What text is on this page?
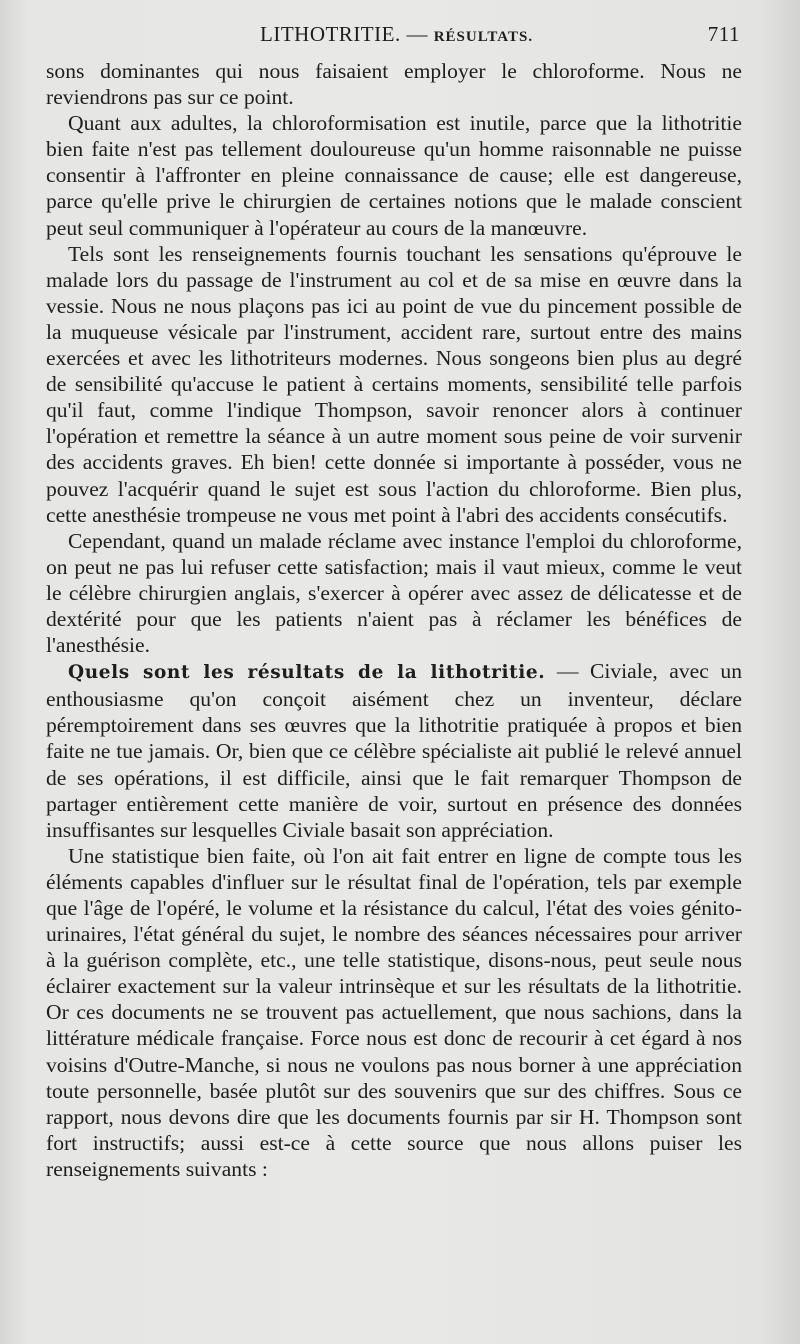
LITHOTRITIE. — RÉSULTATS.	711

sons dominantes qui nous faisaient employer le chloroforme. Nous ne reviendrons pas sur ce point.

Quant aux adultes, la chloroformisation est inutile, parce que la lithotritie bien faite n'est pas tellement douloureuse qu'un homme raisonnable ne puisse consentir à l'affronter en pleine connaissance de cause; elle est dangereuse, parce qu'elle prive le chirurgien de certaines notions que le malade conscient peut seul communiquer à l'opérateur au cours de la manœuvre.

Tels sont les renseignements fournis touchant les sensations qu'éprouve le malade lors du passage de l'instrument au col et de sa mise en œuvre dans la vessie. Nous ne nous plaçons pas ici au point de vue du pincement possible de la muqueuse vésicale par l'instrument, accident rare, surtout entre des mains exercées et avec les lithotriteurs modernes. Nous songeons bien plus au degré de sensibilité qu'accuse le patient à certains moments, sensibilité telle parfois qu'il faut, comme l'indique Thompson, savoir renoncer alors à continuer l'opération et remettre la séance à un autre moment sous peine de voir survenir des accidents graves. Eh bien! cette donnée si importante à posséder, vous ne pouvez l'acquérir quand le sujet est sous l'action du chloroforme. Bien plus, cette anesthésie trompeuse ne vous met point à l'abri des accidents consécutifs.

Cependant, quand un malade réclame avec instance l'emploi du chloroforme, on peut ne pas lui refuser cette satisfaction; mais il vaut mieux, comme le veut le célèbre chirurgien anglais, s'exercer à opérer avec assez de délicatesse et de dextérité pour que les patients n'aient pas à réclamer les bénéfices de l'anesthésie.

Quels sont les résultats de la lithotritie. — Civiale, avec un enthousiasme qu'on conçoit aisément chez un inventeur, déclare péremptoirement dans ses œuvres que la lithotritie pratiquée à propos et bien faite ne tue jamais. Or, bien que ce célèbre spécialiste ait publié le relevé annuel de ses opérations, il est difficile, ainsi que le fait remarquer Thompson de partager entièrement cette manière de voir, surtout en présence des données insuffisantes sur lesquelles Civiale basait son appréciation.

Une statistique bien faite, où l'on ait fait entrer en ligne de compte tous les éléments capables d'influer sur le résultat final de l'opération, tels par exemple que l'âge de l'opéré, le volume et la résistance du calcul, l'état des voies génito-urinaires, l'état général du sujet, le nombre des séances nécessaires pour arriver à la guérison complète, etc., une telle statistique, disons-nous, peut seule nous éclairer exactement sur la valeur intrinsèque et sur les résultats de la lithotritie. Or ces documents ne se trouvent pas actuellement, que nous sachions, dans la littérature médicale française. Force nous est donc de recourir à cet égard à nos voisins d'Outre-Manche, si nous ne voulons pas nous borner à une appréciation toute personnelle, basée plutôt sur des souvenirs que sur des chiffres. Sous ce rapport, nous devons dire que les documents fournis par sir H. Thompson sont fort instructifs; aussi est-ce à cette source que nous allons puiser les renseignements suivants :
